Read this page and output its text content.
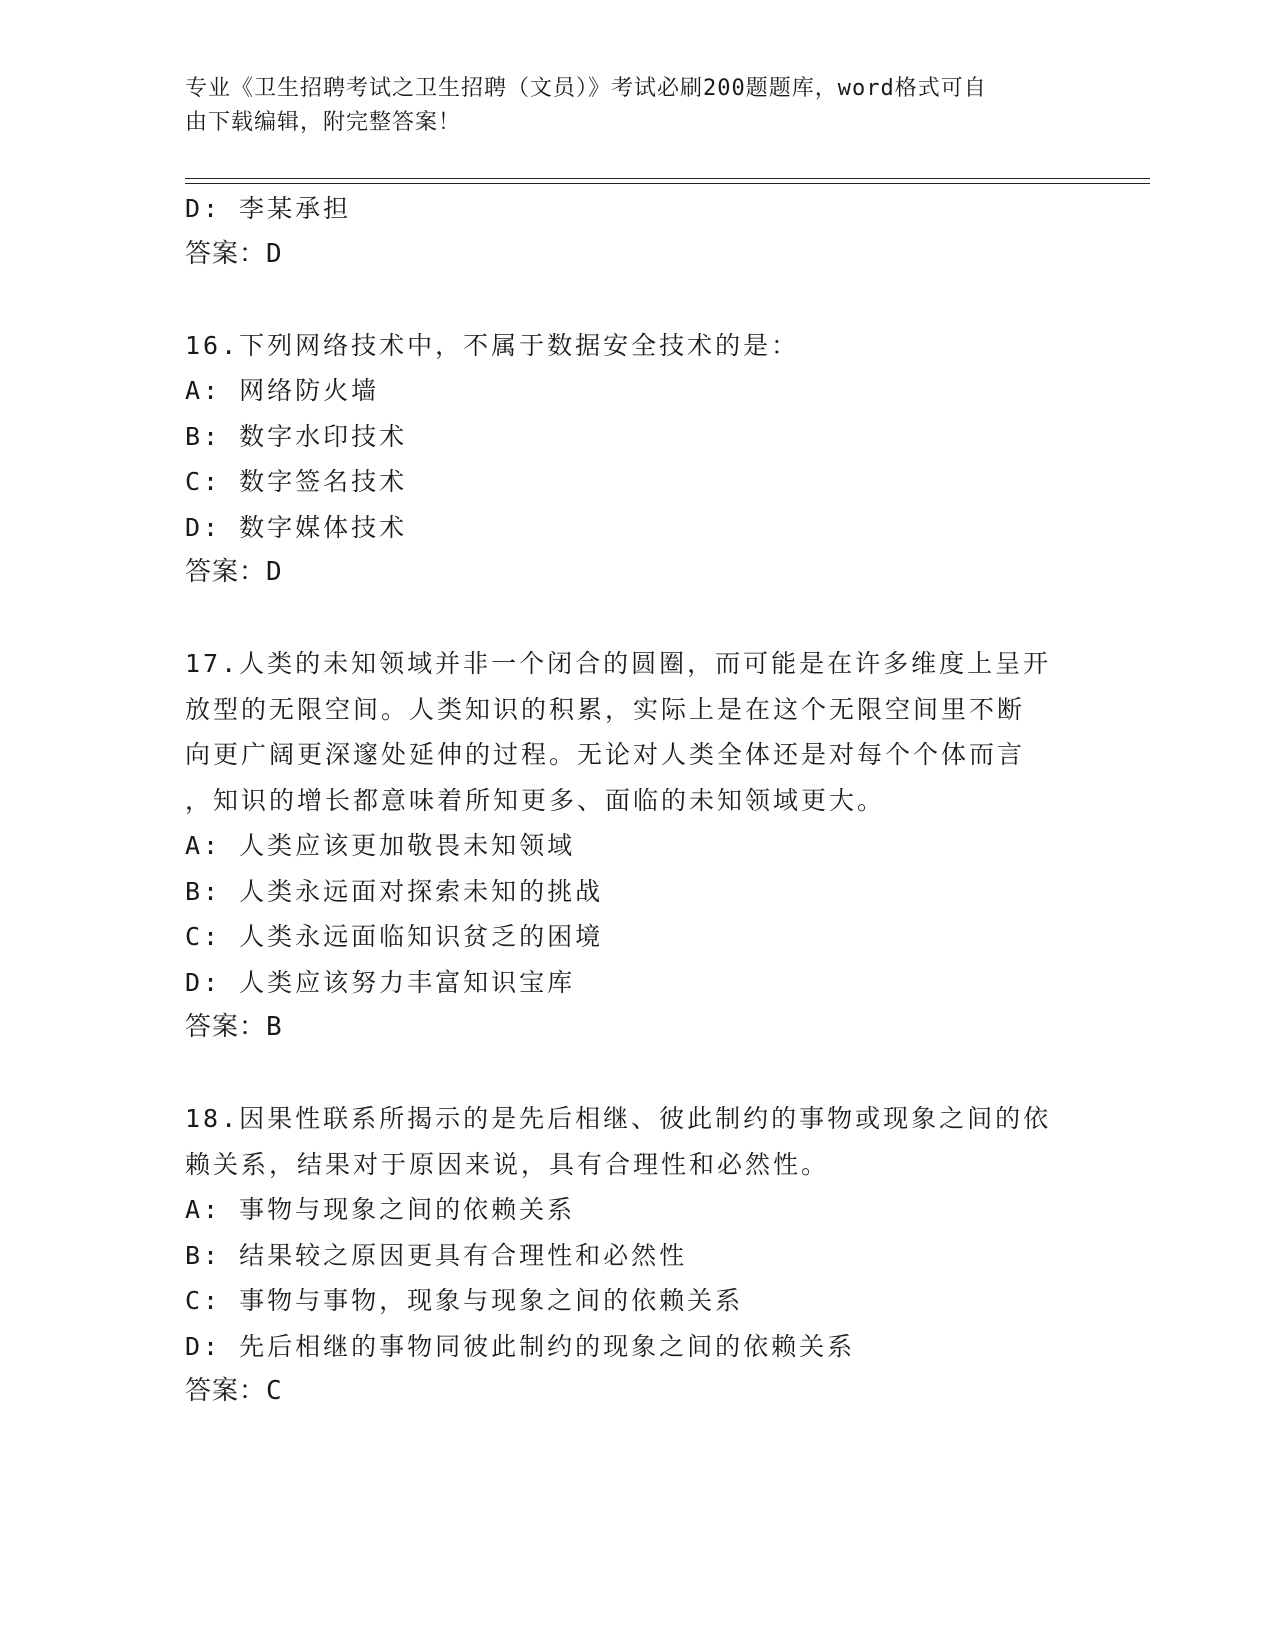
专业《卫生招聘考试之卫生招聘（文员）》考试必刷200题题库，word格式可自
由下载编辑，附完整答案！
D: 李某承担
答案：D
16.下列网络技术中，不属于数据安全技术的是：
A: 网络防火墙
B: 数字水印技术
C: 数字签名技术
D: 数字媒体技术
答案：D
17.人类的未知领域并非一个闭合的圆圈，而可能是在许多维度上呈开
放型的无限空间。人类知识的积累，实际上是在这个无限空间里不断
向更广阔更深邃处延伸的过程。无论对人类全体还是对每个个体而言
，知识的增长都意味着所知更多、面临的未知领域更大。
A: 人类应该更加敬畏未知领域
B: 人类永远面对探索未知的挑战
C: 人类永远面临知识贫乏的困境
D: 人类应该努力丰富知识宝库
答案：B
18.因果性联系所揭示的是先后相继、彼此制约的事物或现象之间的依
赖关系，结果对于原因来说，具有合理性和必然性。
A: 事物与现象之间的依赖关系
B: 结果较之原因更具有合理性和必然性
C: 事物与事物，现象与现象之间的依赖关系
D: 先后相继的事物同彼此制约的现象之间的依赖关系
答案：C
